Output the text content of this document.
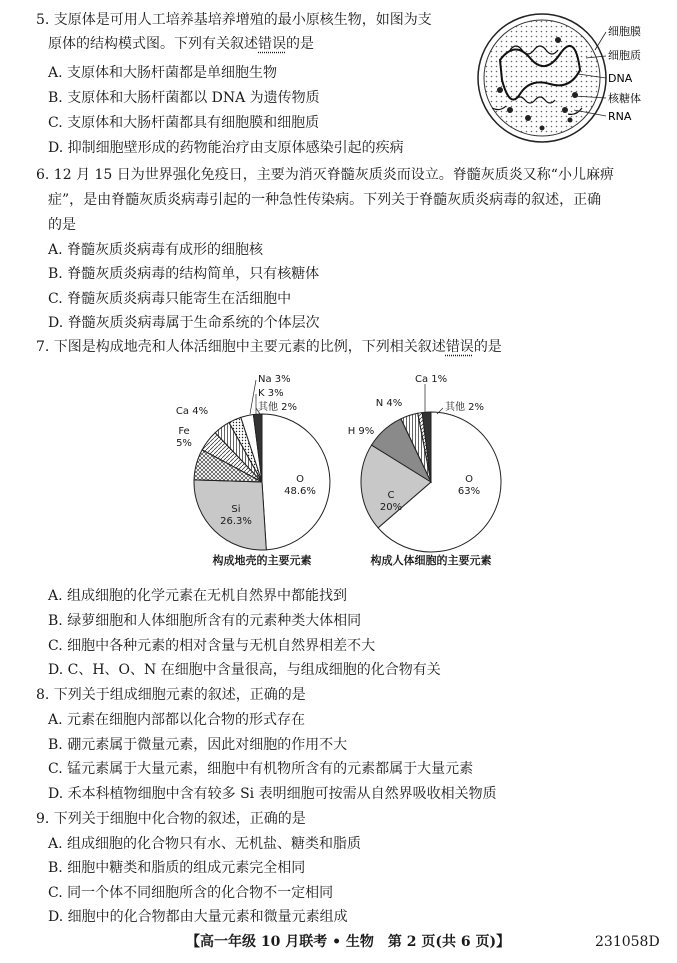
5. 支原体是可用人工培养基培养增殖的最小原核生物，如图为支
原体的结构模式图。下列有关叙述错误的是
A. 支原体和大肠杆菌都是单细胞生物
B. 支原体和大肠杆菌都以 DNA 为遗传物质
C. 支原体和大肠杆菌都具有细胞膜和细胞质
D. 抑制细胞壁形成的药物能治疗由支原体感染引起的疾病
细胞膜
细胞质
DNA
核糖体
RNA
6. 12 月 15 日为世界强化免疫日，主要为消灭脊髓灰质炎而设立。脊髓灰质炎又称“小儿麻痹
症”，是由脊髓灰质炎病毒引起的一种急性传染病。下列关于脊髓灰质炎病毒的叙述，正确
的是
A. 脊髓灰质炎病毒有成形的细胞核
B. 脊髓灰质炎病毒的结构简单，只有核糖体
C. 脊髓灰质炎病毒只能寄生在活细胞中
D. 脊髓灰质炎病毒属于生命系统的个体层次
7. 下图是构成地壳和人体活细胞中主要元素的比例，下列相关叙述错误的是
O 48.6%
Si 26.3%
Fe 5%
Ca 4%
Na 3%
K 3%
其他 2%
构成地壳的主要元素
O 63%
C 20%
H 9%
N 4%
Ca 1%
其他 2%
构成人体细胞的主要元素
A. 组成细胞的化学元素在无机自然界中都能找到
B. 绿萝细胞和人体细胞所含有的元素种类大体相同
C. 细胞中各种元素的相对含量与无机自然界相差不大
D. C、H、O、N 在细胞中含量很高，与组成细胞的化合物有关
8. 下列关于组成细胞元素的叙述，正确的是
A. 元素在细胞内部都以化合物的形式存在
B. 硼元素属于微量元素，因此对细胞的作用不大
C. 锰元素属于大量元素，细胞中有机物所含有的元素都属于大量元素
D. 禾本科植物细胞中含有较多 Si 表明细胞可按需从自然界吸收相关物质
9. 下列关于细胞中化合物的叙述，正确的是
A. 组成细胞的化合物只有水、无机盐、糖类和脂质
B. 细胞中糖类和脂质的组成元素完全相同
C. 同一个体不同细胞所含的化合物不一定相同
D. 细胞中的化合物都由大量元素和微量元素组成
【高一年级 10 月联考 • 生物　第 2 页(共 6 页)】	231058D
